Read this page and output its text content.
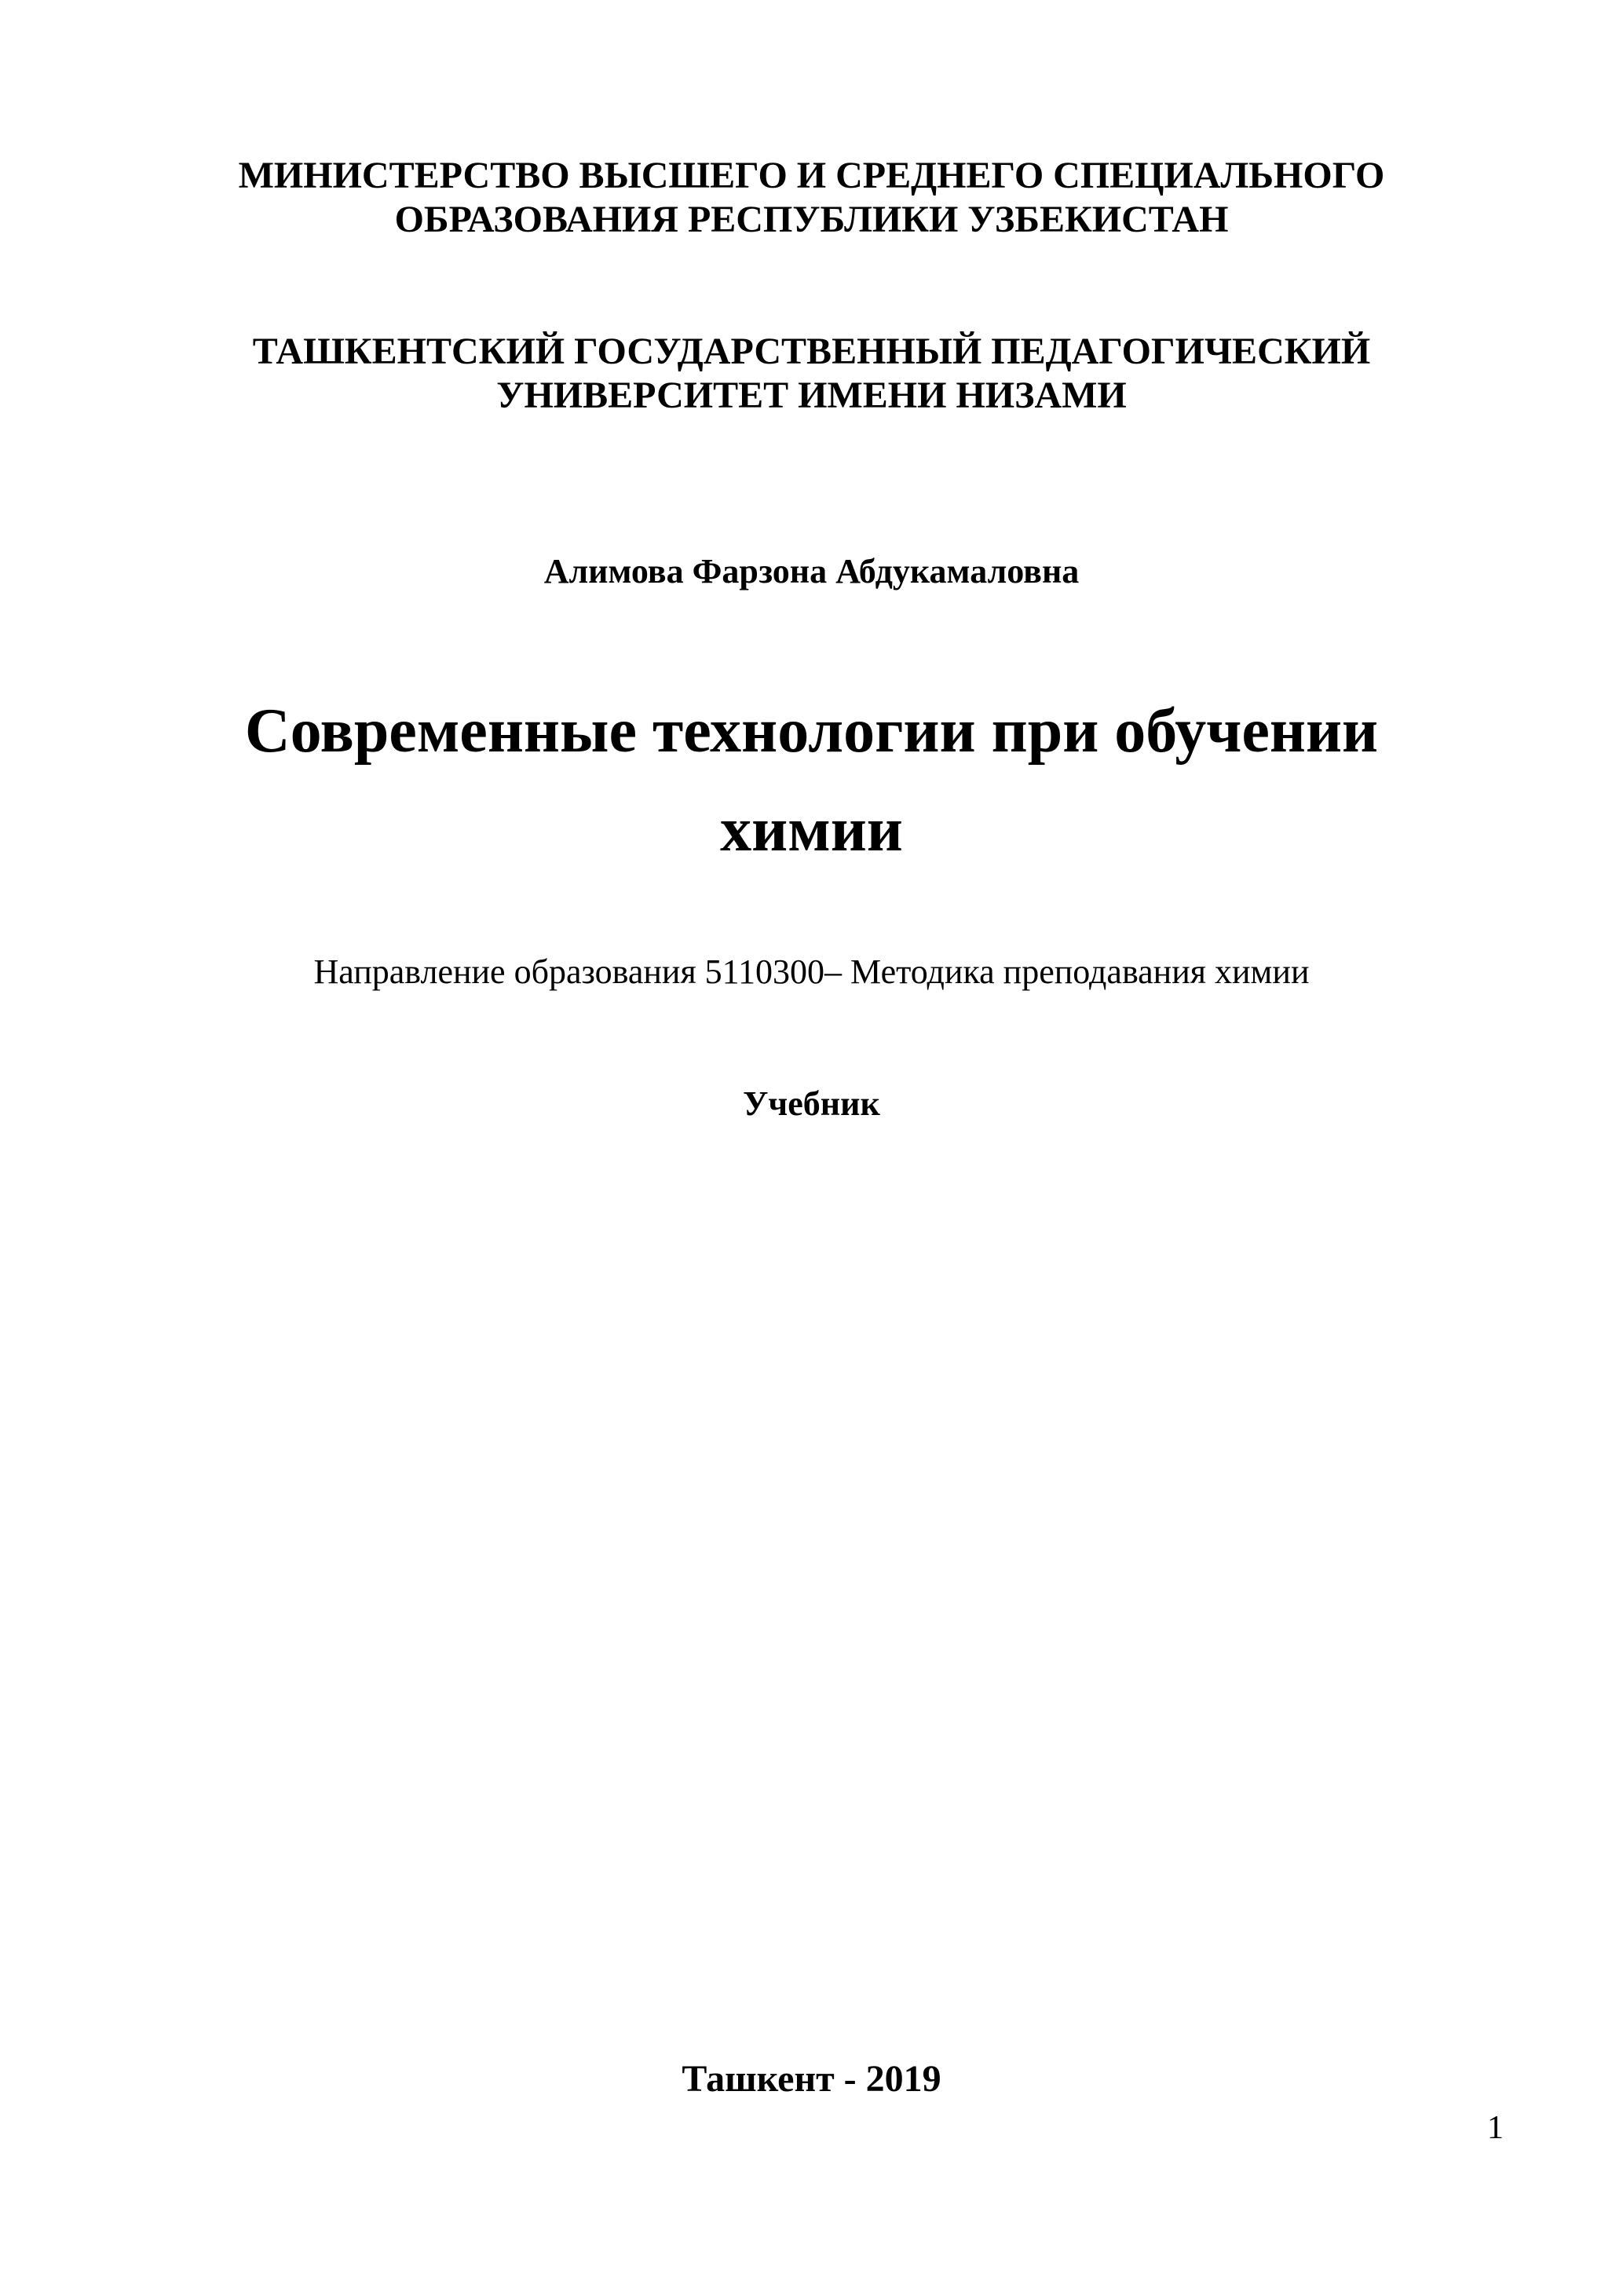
МИНИСТЕРСТВО ВЫСШЕГО И СРЕДНЕГО СПЕЦИАЛЬНОГО
ОБРАЗОВАНИЯ РЕСПУБЛИКИ УЗБЕКИСТАН
ТАШКЕНТСКИЙ ГОСУДАРСТВЕННЫЙ ПЕДАГОГИЧЕСКИЙ
УНИВЕРСИТЕТ ИМЕНИ НИЗАМИ
Алимова Фарзона Абдукамаловна
Современные технологии при обучении
химии
Направление образования 5110300– Методика преподавания химии
Учебник
Ташкент - 2019
1
